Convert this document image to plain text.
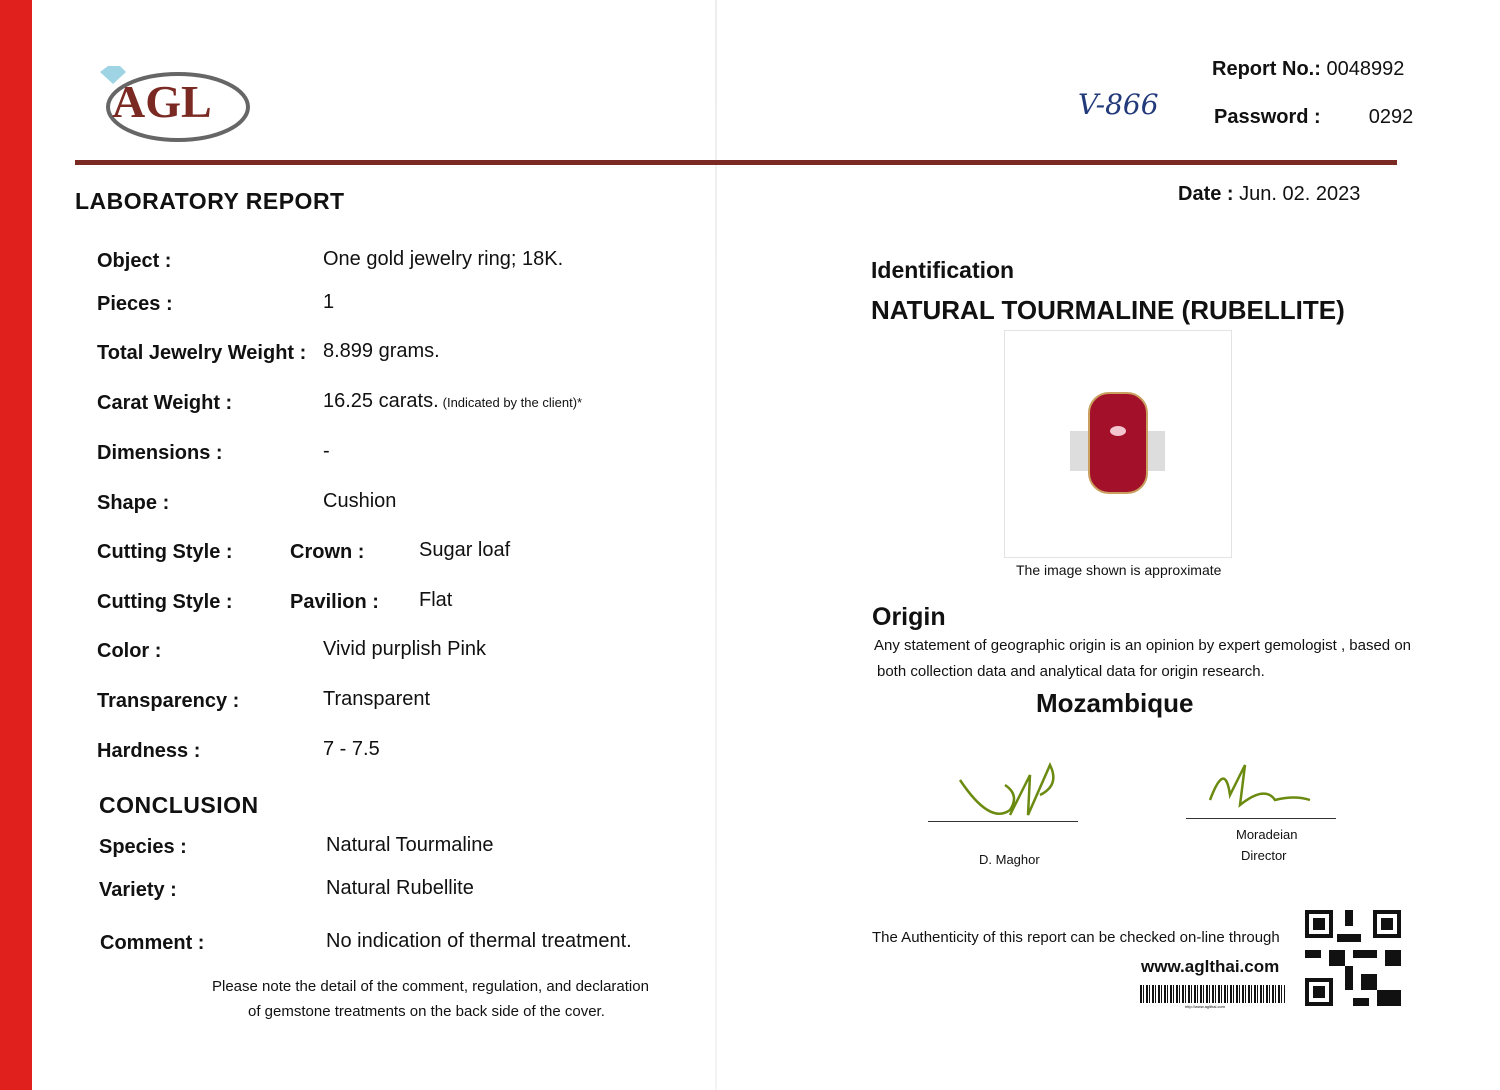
AGL
Report No.: 0048992
Password : 0292
V-866
Date : Jun. 02. 2023
LABORATORY REPORT
Object :	One gold jewelry ring; 18K.
Pieces :	1
Total Jewelry Weight : 8.899 grams.
Carat Weight :	16.25 carats. (Indicated by the client)*
Dimensions :	-
Shape :	Cushion
Cutting Style :	Crown :	Sugar loaf
Cutting Style :	Pavilion : Flat
Color :	Vivid purplish Pink
Transparency :	Transparent
Hardness :	7 - 7.5
CONCLUSION
Species :	Natural Tourmaline
Variety :	Natural Rubellite
Comment :	No indication of thermal treatment.
Please note the detail of the comment, regulation, and declaration
of gemstone treatments on the back side of the cover.
Identification
NATURAL TOURMALINE (RUBELLITE)
The image shown is approximate
Origin
Any statement of geographic origin is an opinion by expert gemologist , based on
both collection data and analytical data for origin research.
Mozambique
D. Maghor
Moradeian
Director
The Authenticity of this report can be checked on-line through
www.aglthai.com
http://www.aglthai.com
